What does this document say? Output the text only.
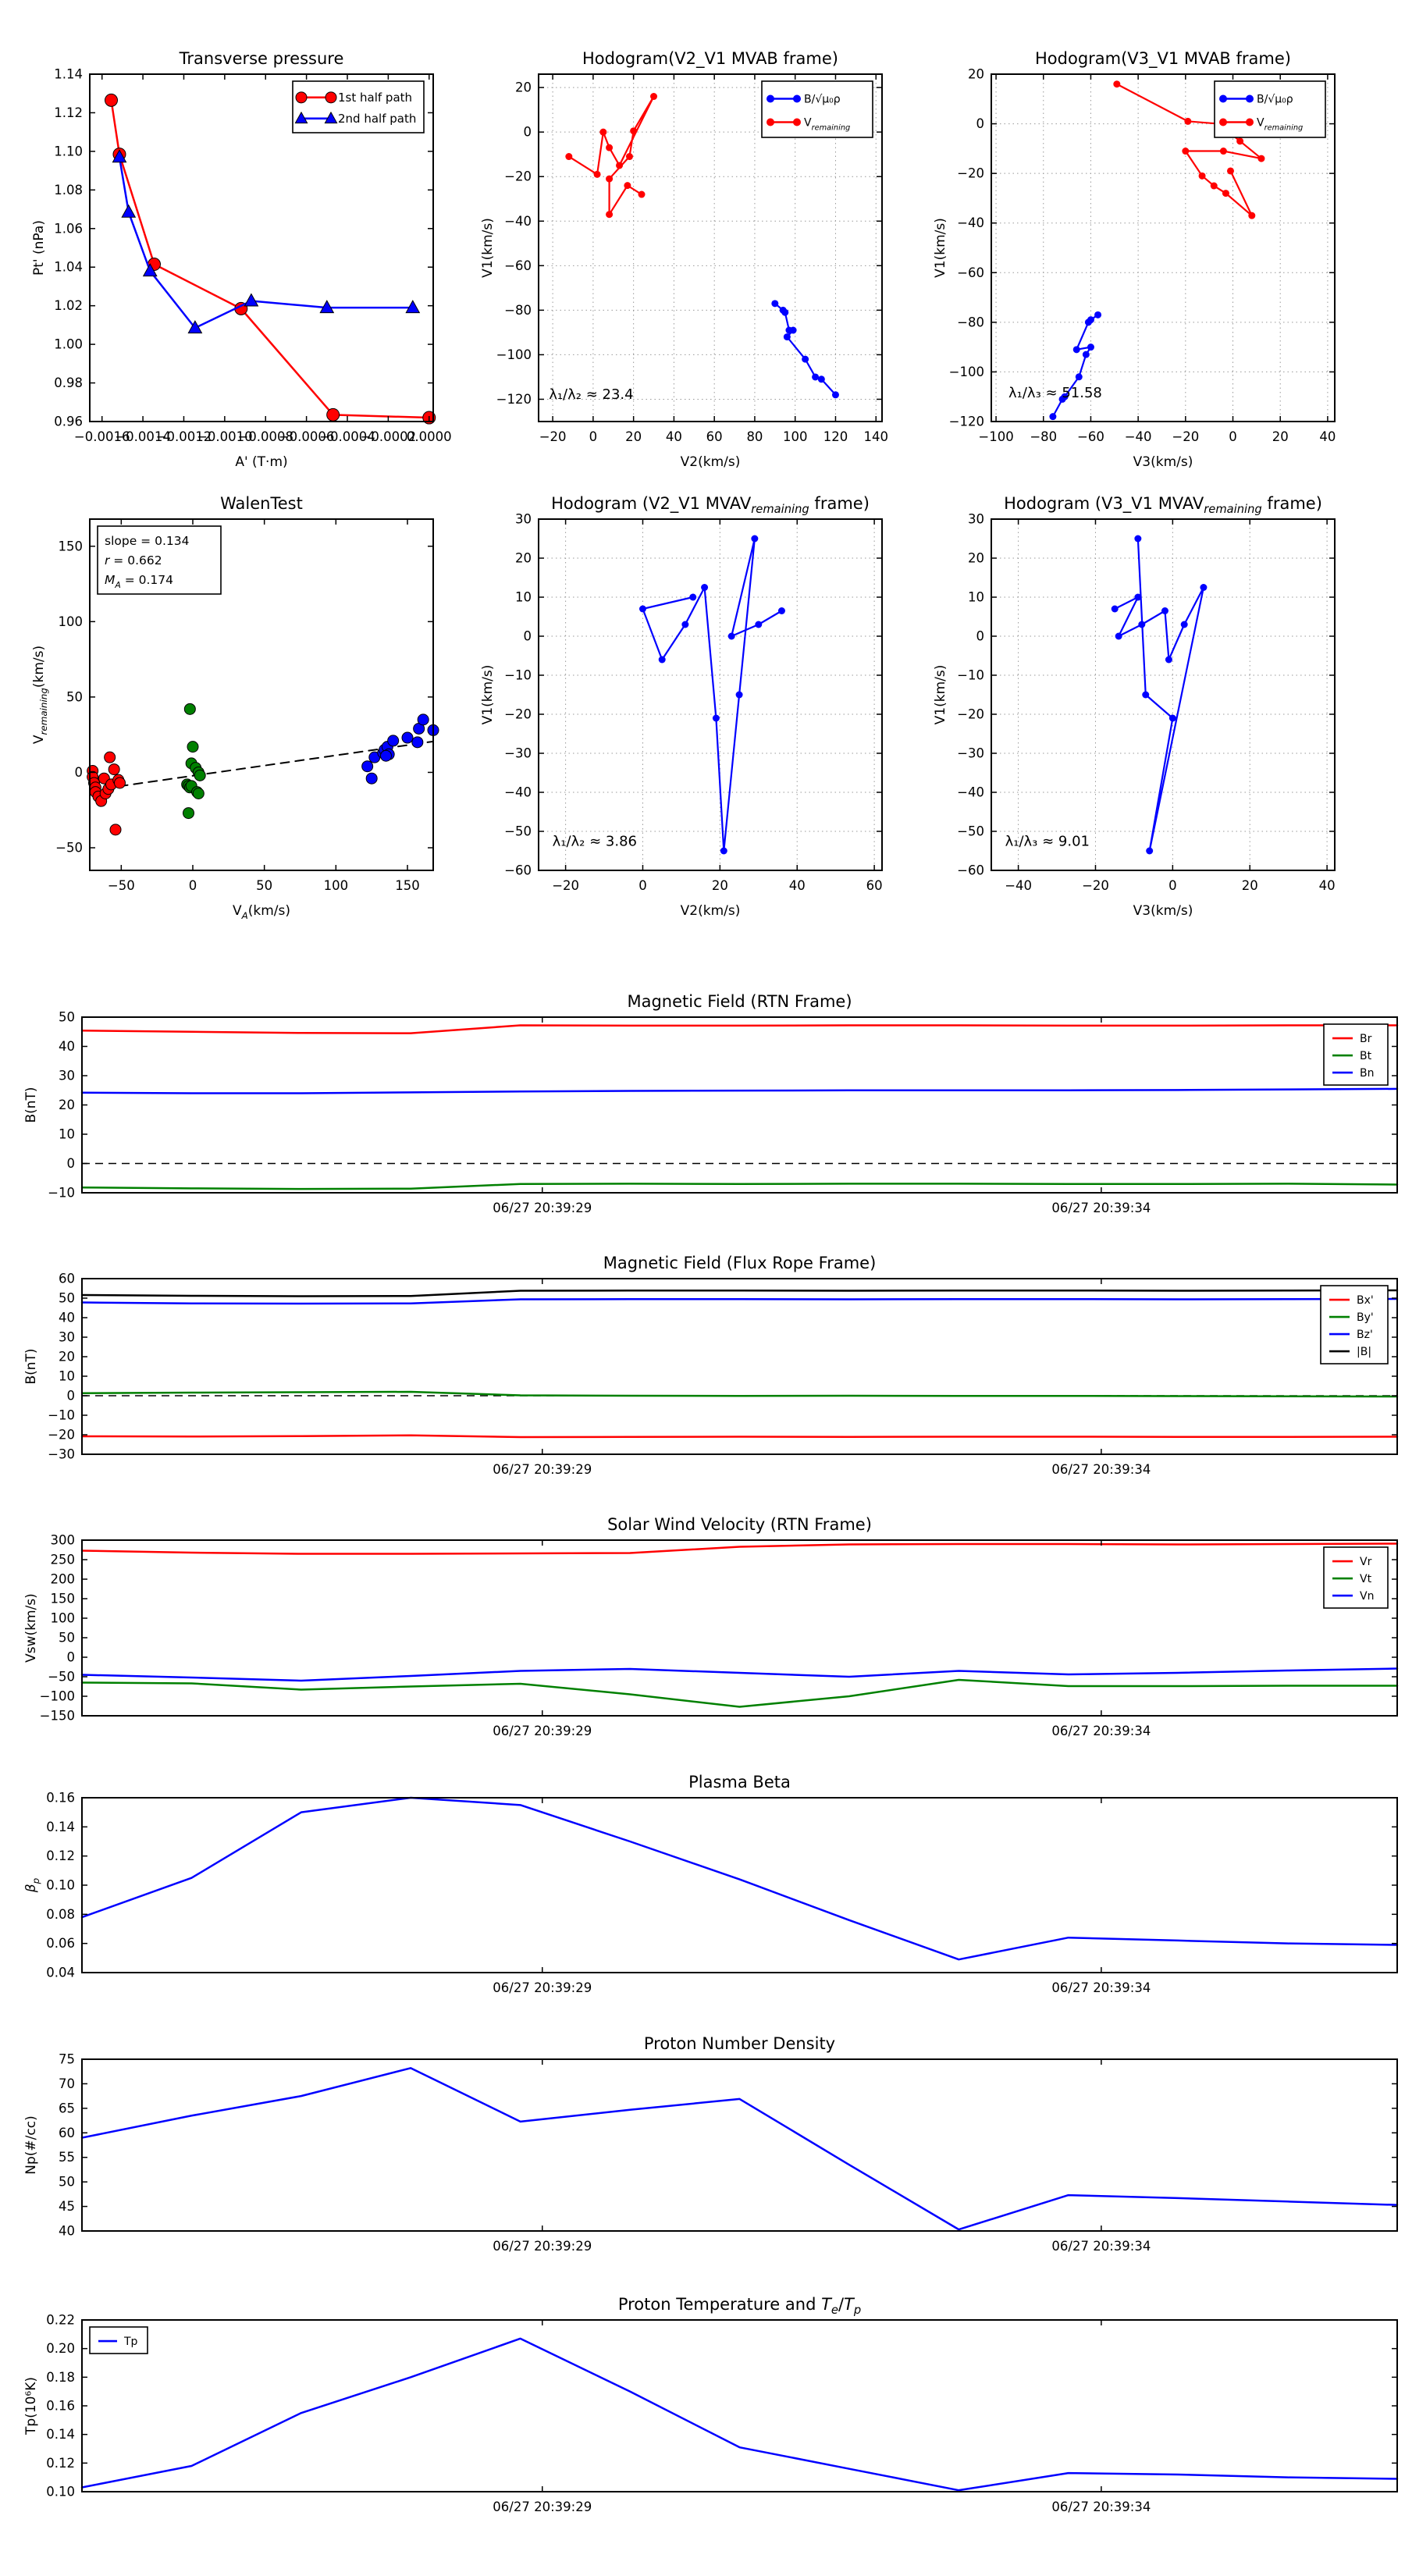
1st half path
2nd half path
−0.0016
−0.0014
−0.0012
−0.0010
−0.0008
−0.0006
−0.0004
−0.0002
0.0000
0.96
0.98
1.00
1.02
1.04
1.06
1.08
1.10
1.12
1.14
Transverse pressure
A' (T·m)
Pt' (nPa)
λ₁/λ₂ ≈ 23.4
B/√μ₀ρ
$V_{remaining}$
−20 0 20 40 60 80 100 120 140
20
0
−20
−40
−60
−80
−100
−120
Hodogram(V2_V1 MVAB frame)
V2(km/s)
V1(km/s)
λ₁/λ₃ ≈ 51.58
B/√μ₀ρ
$V_{remaining}$
−100 −80 −60 −40 −20 0	20 40
20
0
−20
−40
−60
−80
−100
−120
Hodogram(V3_V1 MVAB frame)
V3(km/s)
V1(km/s)
slope = 0.134
r = 0.662
$M_A = 0.174$
−50	0	50	100	150
−50
0
50
100
150
WalenTest
$V_A(km/s)$
$V_{remaining}(km/s)$
λ₁/λ₂ ≈ 3.86
−20	0	20	40	60
30
20
10
0
−10
−20
−30
−40
−50
−60
Hodogram (V2_V1 $MVAV_{remaining}$ frame)
V2(km/s)
V1(km/s)
λ₁/λ₃ ≈ 9.01
−40	−20	0	20	40
30
20
10
0
−10
−20
−30
−40
−50
−60
Hodogram (V3_V1 $MVAV_{remaining}$ frame)
V3(km/s)
V1(km/s)
Br
Bt
Bn
06/27 20:39:29	06/27 20:39:34
−10
0
10
20
30
40
50
Magnetic Field (RTN Frame)
B(nT)
Bx'
By'
Bz'
|B|
06/27 20:39:29	06/27 20:39:34
−30
−20
−10
0
10
20
30
40
50
60
Magnetic Field (Flux Rope Frame)
B(nT)
Vr
Vt
Vn
06/27 20:39:29	06/27 20:39:34
−150
−100
−50
0
50
100
150
200
250
300
Solar Wind Velocity (RTN Frame)
Vsw(km/s)
06/27 20:39:29	06/27 20:39:34
0.04
0.06
0.08
0.10
0.12
0.14
0.16
Plasma Beta
$\beta_p$
06/27 20:39:29	06/27 20:39:34
40
45
50
55
60
65
70
75
Proton Number Density
Np(#/cc)
Tp
06/27 20:39:29	06/27 20:39:34
0.10
0.12
0.14
0.16
0.18
0.20
0.22
Proton Temperature and $T_e/T_p$
Tp(10⁶K)
